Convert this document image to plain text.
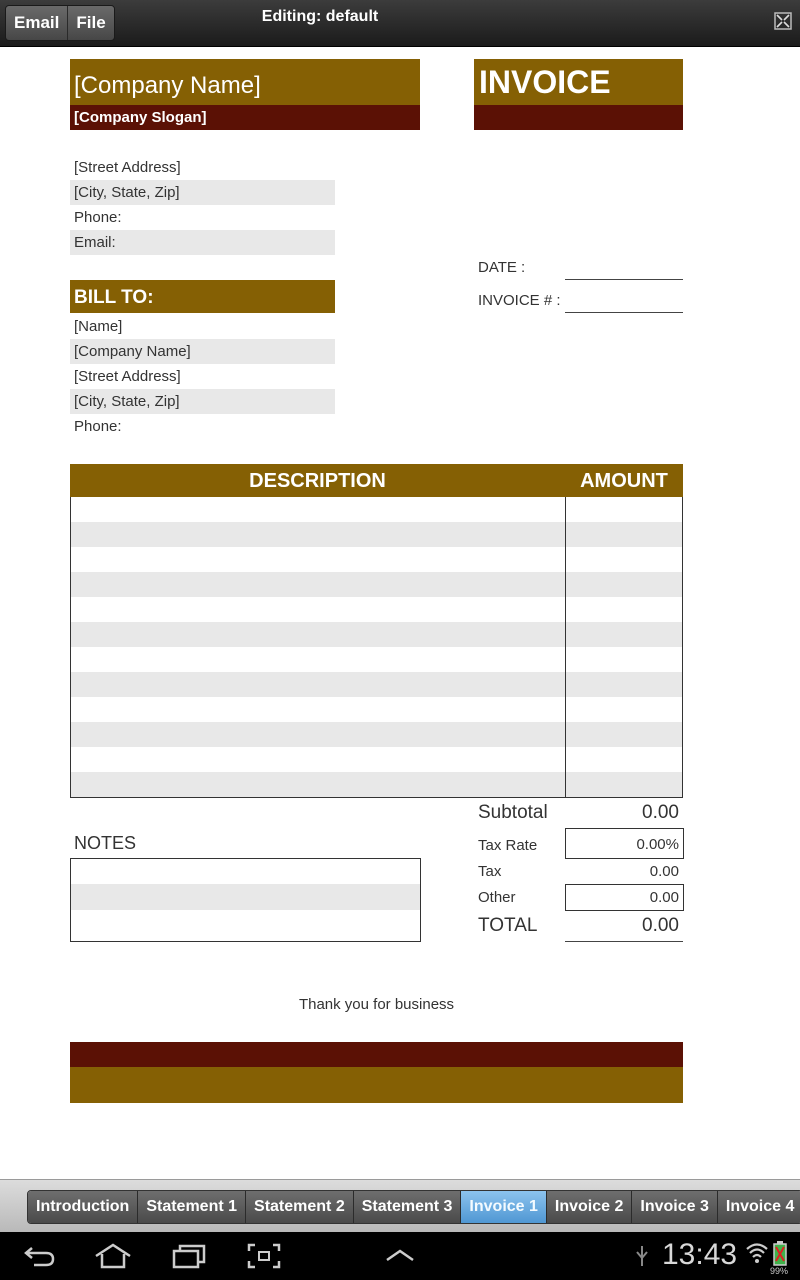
Email	File	Editing: default
[Company Name]
[Company Slogan]
INVOICE
[Street Address]
[City, State, Zip]
Phone:
Email:
DATE :
INVOICE # :
BILL TO:
[Name]
[Company Name]
[Street Address]
[City, State, Zip]
Phone:
DESCRIPTION	AMOUNT
Subtotal	0.00
Tax Rate	0.00%
Tax	0.00
Other	0.00
TOTAL	0.00
NOTES
Thank you for business
Introduction	Statement 1	Statement 2	Statement 3	Invoice 1	Invoice 2	Invoice 3	Invoice 4
13:43	99%
